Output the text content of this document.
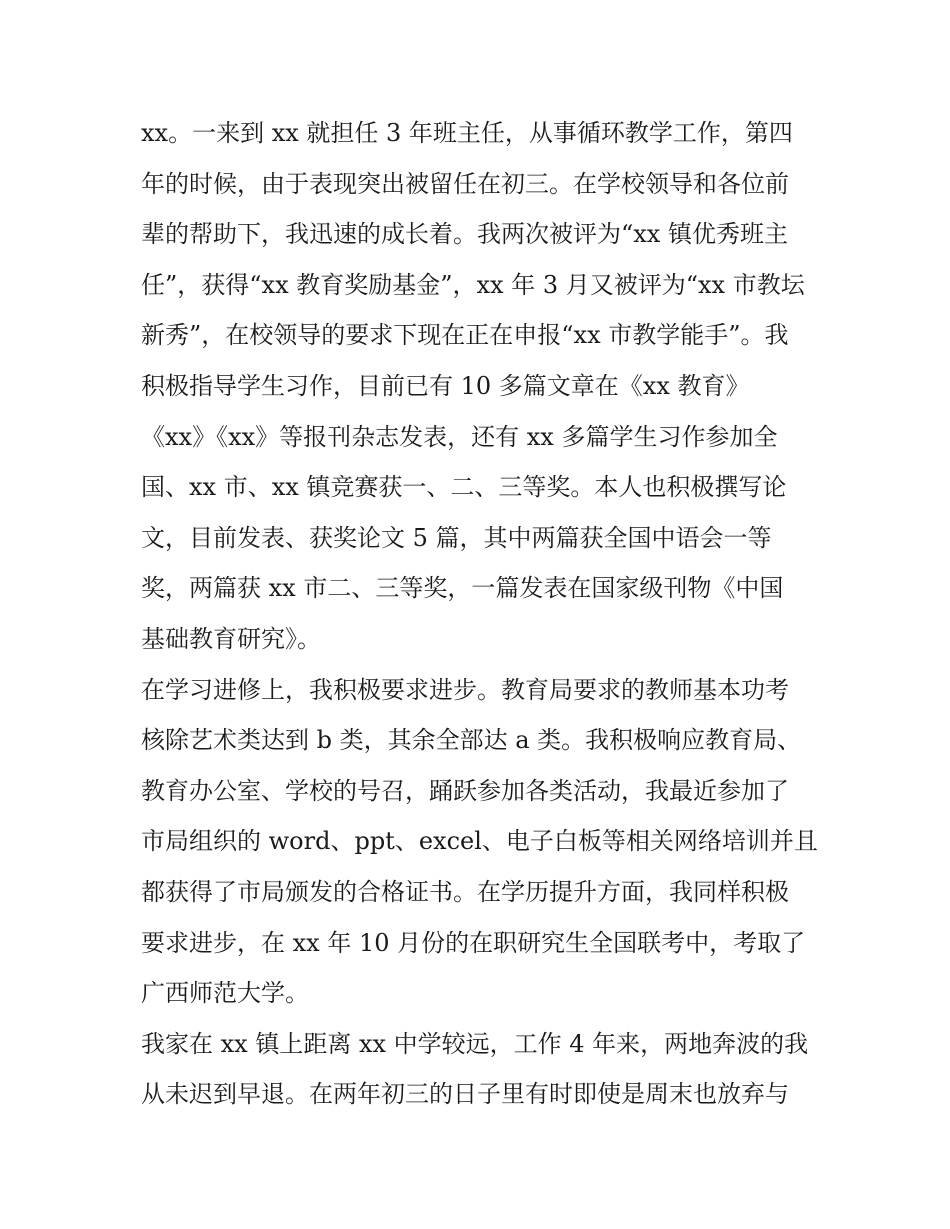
xx。一来到 xx 就担任 3 年班主任，从事循环教学工作，第四
年的时候，由于表现突出被留任在初三。在学校领导和各位前
辈的帮助下，我迅速的成长着。我两次被评为“xx 镇优秀班主
任”，获得“xx 教育奖励基金”，xx 年 3 月又被评为“xx 市教坛
新秀”，在校领导的要求下现在正在申报“xx 市教学能手”。我
积极指导学生习作，目前已有 10 多篇文章在《xx 教育》
《xx》《xx》等报刊杂志发表，还有 xx 多篇学生习作参加全
国、xx 市、xx 镇竞赛获一、二、三等奖。本人也积极撰写论
文，目前发表、获奖论文 5 篇，其中两篇获全国中语会一等
奖，两篇获 xx 市二、三等奖，一篇发表在国家级刊物《中国
基础教育研究》。
在学习进修上，我积极要求进步。教育局要求的教师基本功考
核除艺术类达到 b 类，其余全部达 a 类。我积极响应教育局、
教育办公室、学校的号召，踊跃参加各类活动，我最近参加了
市局组织的 word、ppt、excel、电子白板等相关网络培训并且
都获得了市局颁发的合格证书。在学历提升方面，我同样积极
要求进步，在 xx 年 10 月份的在职研究生全国联考中，考取了
广西师范大学。
我家在 xx 镇上距离 xx 中学较远，工作 4 年来，两地奔波的我
从未迟到早退。在两年初三的日子里有时即使是周末也放弃与
